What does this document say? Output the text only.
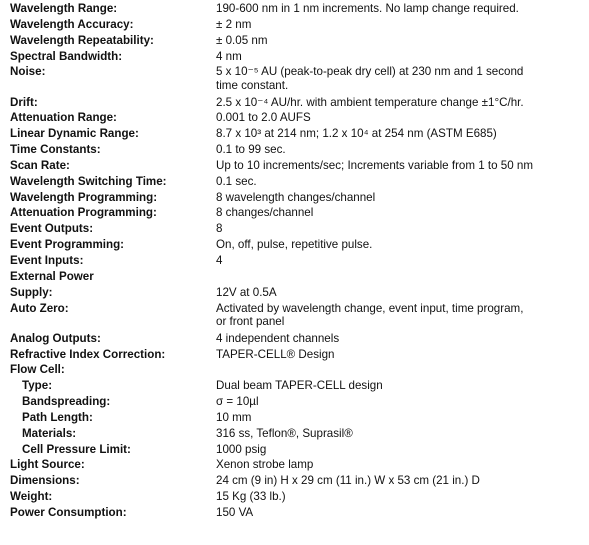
Wavelength Range:	190-600 nm in 1 nm increments. No lamp change required.
Wavelength Accuracy:	± 2 nm
Wavelength Repeatability:	± 0.05 nm
Spectral Bandwidth:	4 nm
Noise:	5 x 10⁻⁵ AU (peak-to-peak dry cell) at 230 nm and 1 second
time constant.
Drift:	2.5 x 10⁻⁴ AU/hr. with ambient temperature change ±1°C/hr.
Attenuation Range:	0.001 to 2.0 AUFS
Linear Dynamic Range:	8.7 x 10³ at 214 nm; 1.2 x 10⁴ at 254 nm (ASTM E685)
Time Constants:	0.1 to 99 sec.
Scan Rate:	Up to 10 increments/sec; Increments variable from 1 to 50 nm
Wavelength Switching Time:	0.1 sec.
Wavelength Programming:	8 wavelength changes/channel
Attenuation Programming:	8 changes/channel
Event Outputs:	8
Event Programming:	On, off, pulse, repetitive pulse.
Event Inputs:	4
External Power
Supply:	12V at 0.5A
Auto Zero:	Activated by wavelength change, event input, time program,
or front panel
Analog Outputs:	4 independent channels
Refractive Index Correction:	TAPER-CELL® Design
Flow Cell:
Type:	Dual beam TAPER-CELL design
Bandspreading:	σ = 10µl
Path Length:	10 mm
Materials:	316 ss, Teflon®, Suprasil®
Cell Pressure Limit:	1000 psig
Light Source:	Xenon strobe lamp
Dimensions:	24 cm (9 in) H x 29 cm (11 in.) W x 53 cm (21 in.) D
Weight:	15 Kg (33 lb.)
Power Consumption:	150 VA
